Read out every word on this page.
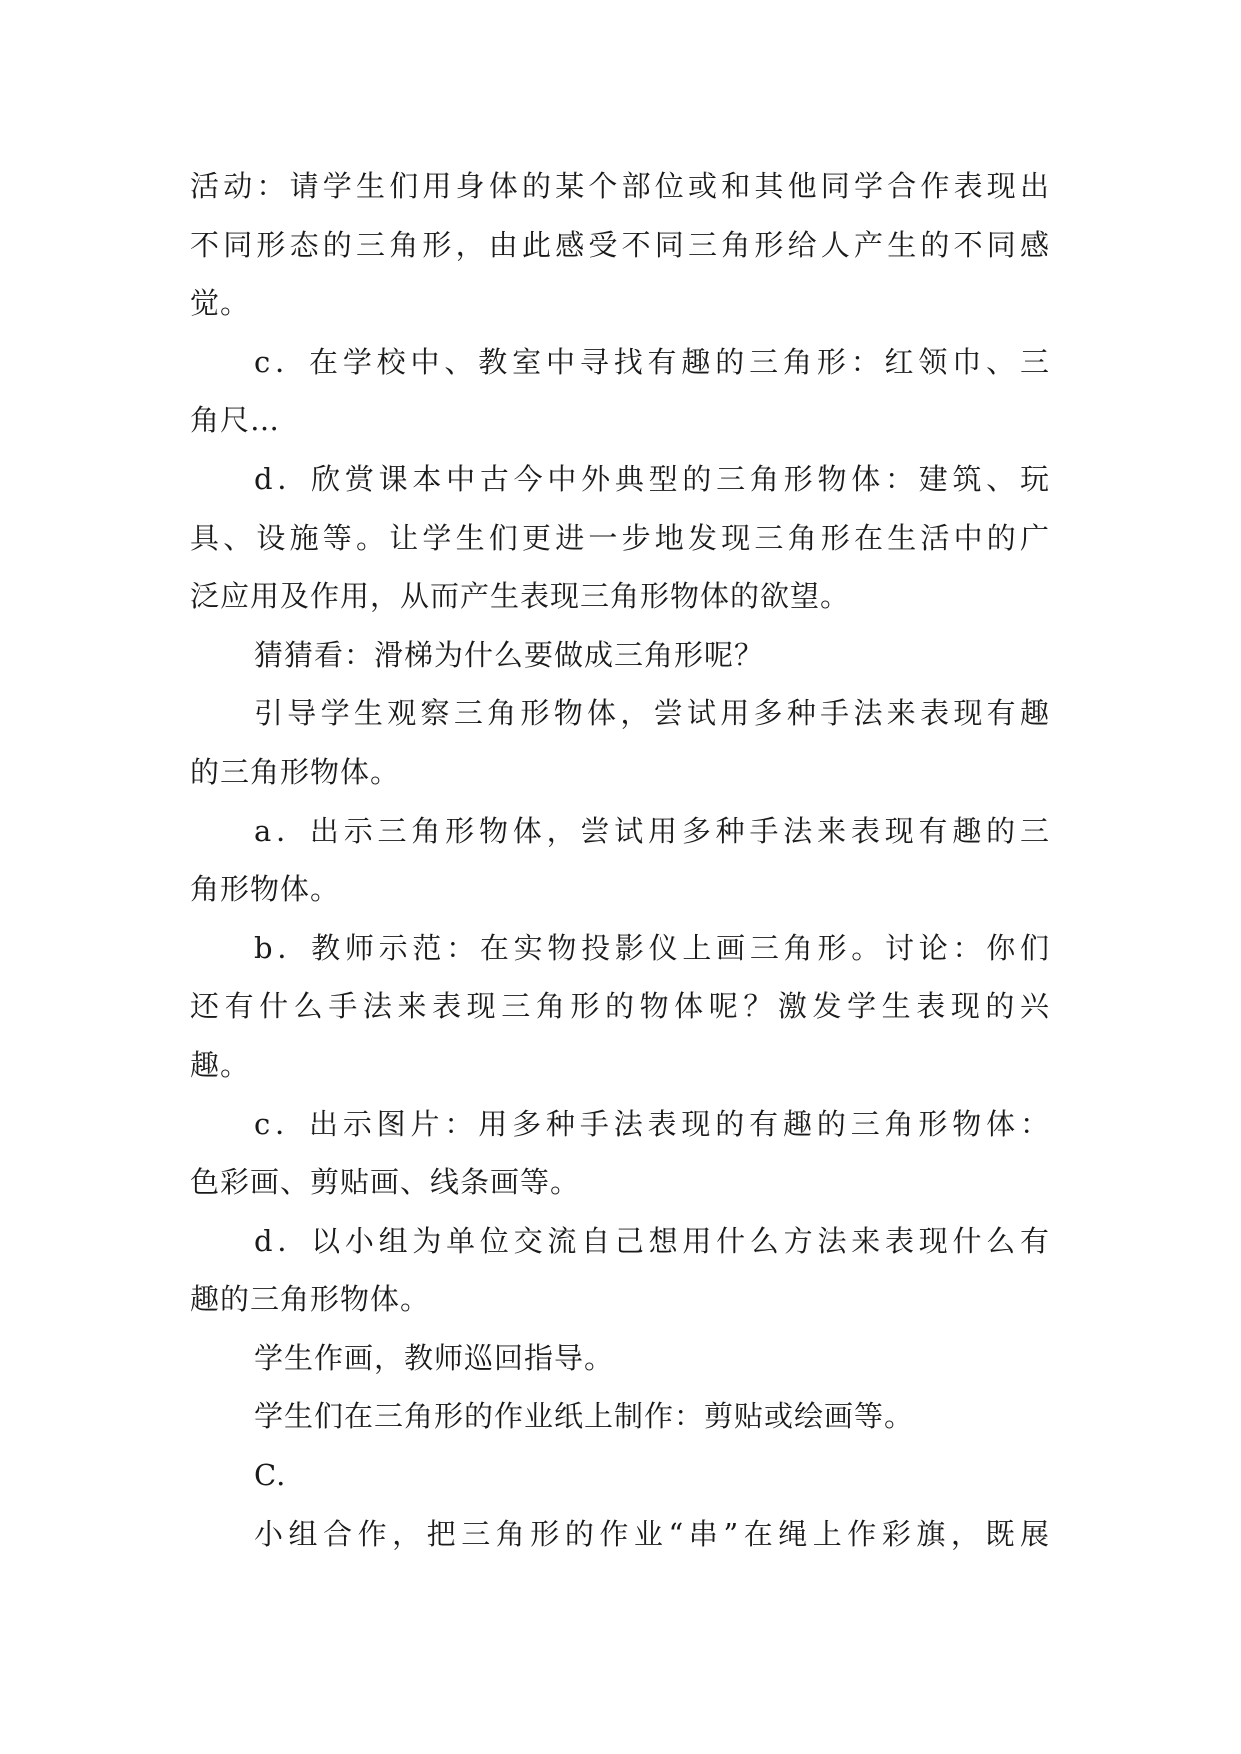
活动：请学生们用身体的某个部位或和其他同学合作表现出
不同形态的三角形，由此感受不同三角形给人产生的不同感
觉。
c．在学校中、教室中寻找有趣的三角形：红领巾、三
角尺…
d．欣赏课本中古今中外典型的三角形物体：建筑、玩
具、设施等。让学生们更进一步地发现三角形在生活中的广
泛应用及作用，从而产生表现三角形物体的欲望。
猜猜看：滑梯为什么要做成三角形呢？
引导学生观察三角形物体，尝试用多种手法来表现有趣
的三角形物体。
a．出示三角形物体，尝试用多种手法来表现有趣的三
角形物体。
b．教师示范：在实物投影仪上画三角形。讨论：你们
还有什么手法来表现三角形的物体呢？激发学生表现的兴
趣。
c．出示图片：用多种手法表现的有趣的三角形物体：
色彩画、剪贴画、线条画等。
d．以小组为单位交流自己想用什么方法来表现什么有
趣的三角形物体。
学生作画，教师巡回指导。
学生们在三角形的作业纸上制作：剪贴或绘画等。
C.
小组合作，把三角形的作业“串”在绳上作彩旗，既展
